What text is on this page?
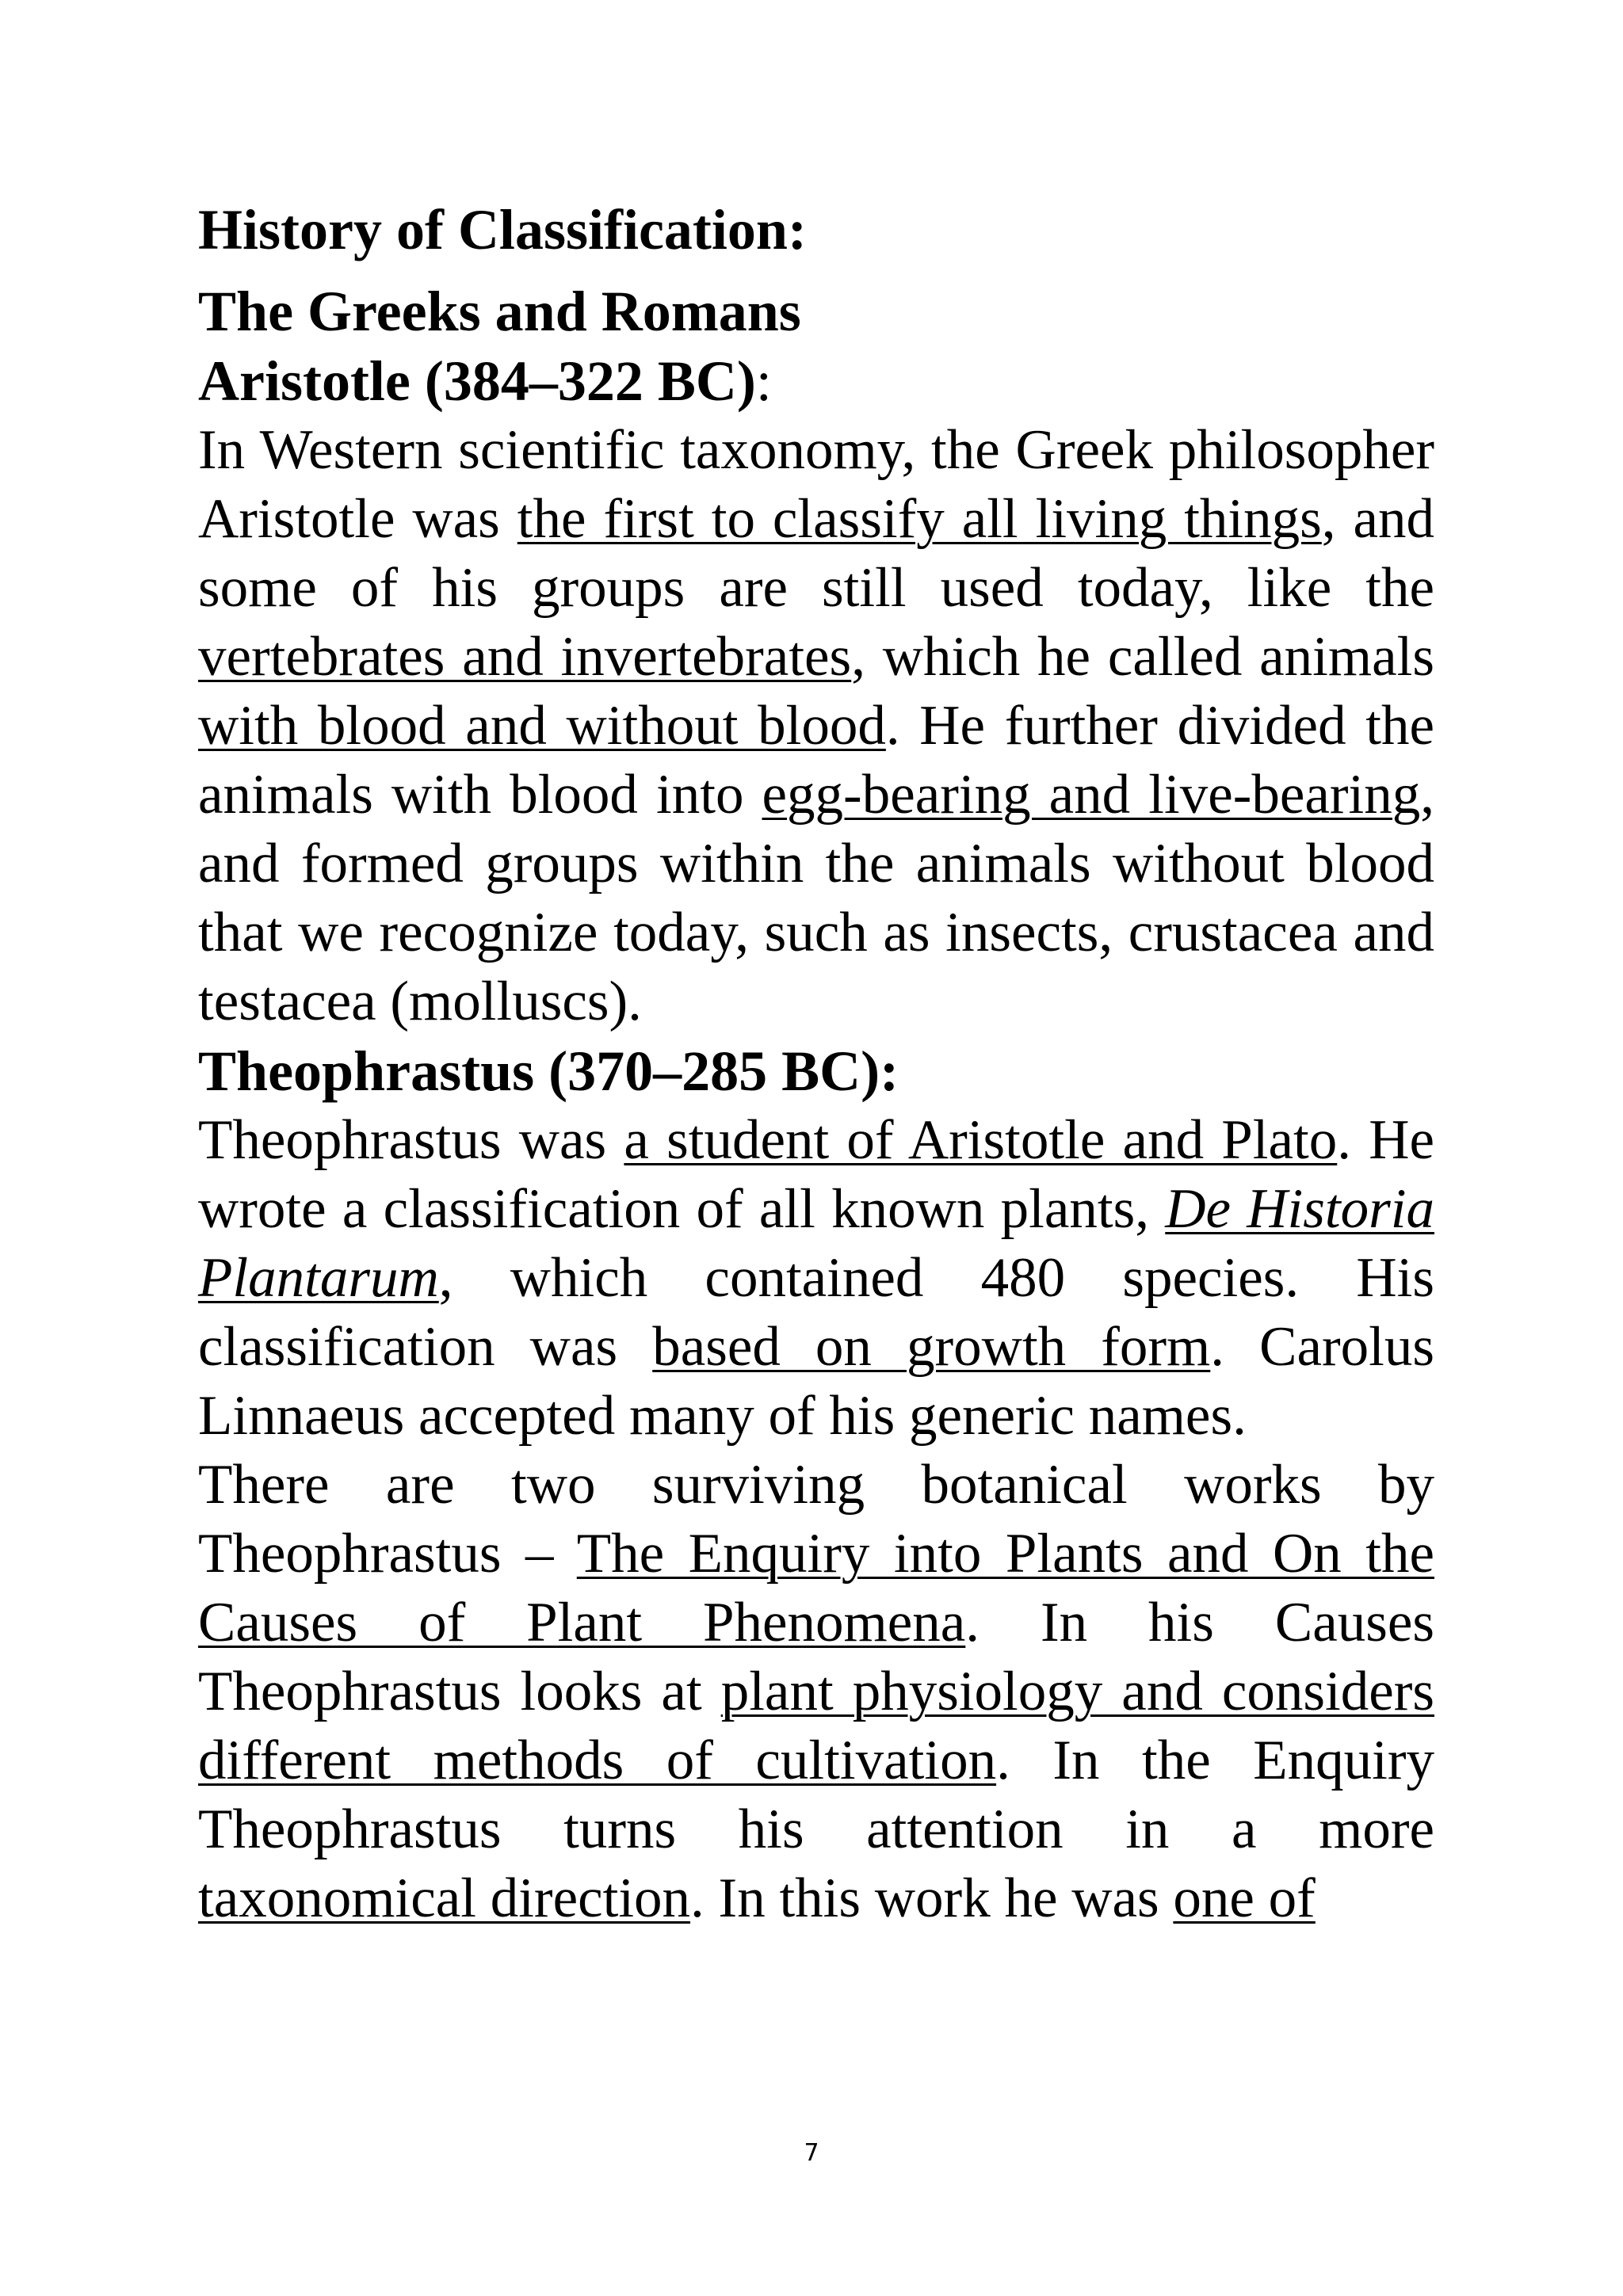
History of Classification:

The Greeks and Romans

Aristotle (384–322 BC):

In Western scientific taxonomy, the Greek philosopher Aristotle was the first to classify all living things, and some of his groups are still used today, like the vertebrates and invertebrates, which he called animals with blood and without blood. He further divided the animals with blood into egg-bearing and live-bearing, and formed groups within the animals without blood that we recognize today, such as insects, crustacea and testacea (molluscs).

Theophrastus (370–285 BC):

Theophrastus was a student of Aristotle and Plato. He wrote a classification of all known plants, De Historia Plantarum, which contained 480 species. His classification was based on growth form. Carolus Linnaeus accepted many of his generic names.

There are two surviving botanical works by Theophrastus – The Enquiry into Plants and On the Causes of Plant Phenomena. In his Causes Theophrastus looks at plant physiology and considers different methods of cultivation. In the Enquiry Theophrastus turns his attention in a more taxonomical direction. In this work he was one of

7
